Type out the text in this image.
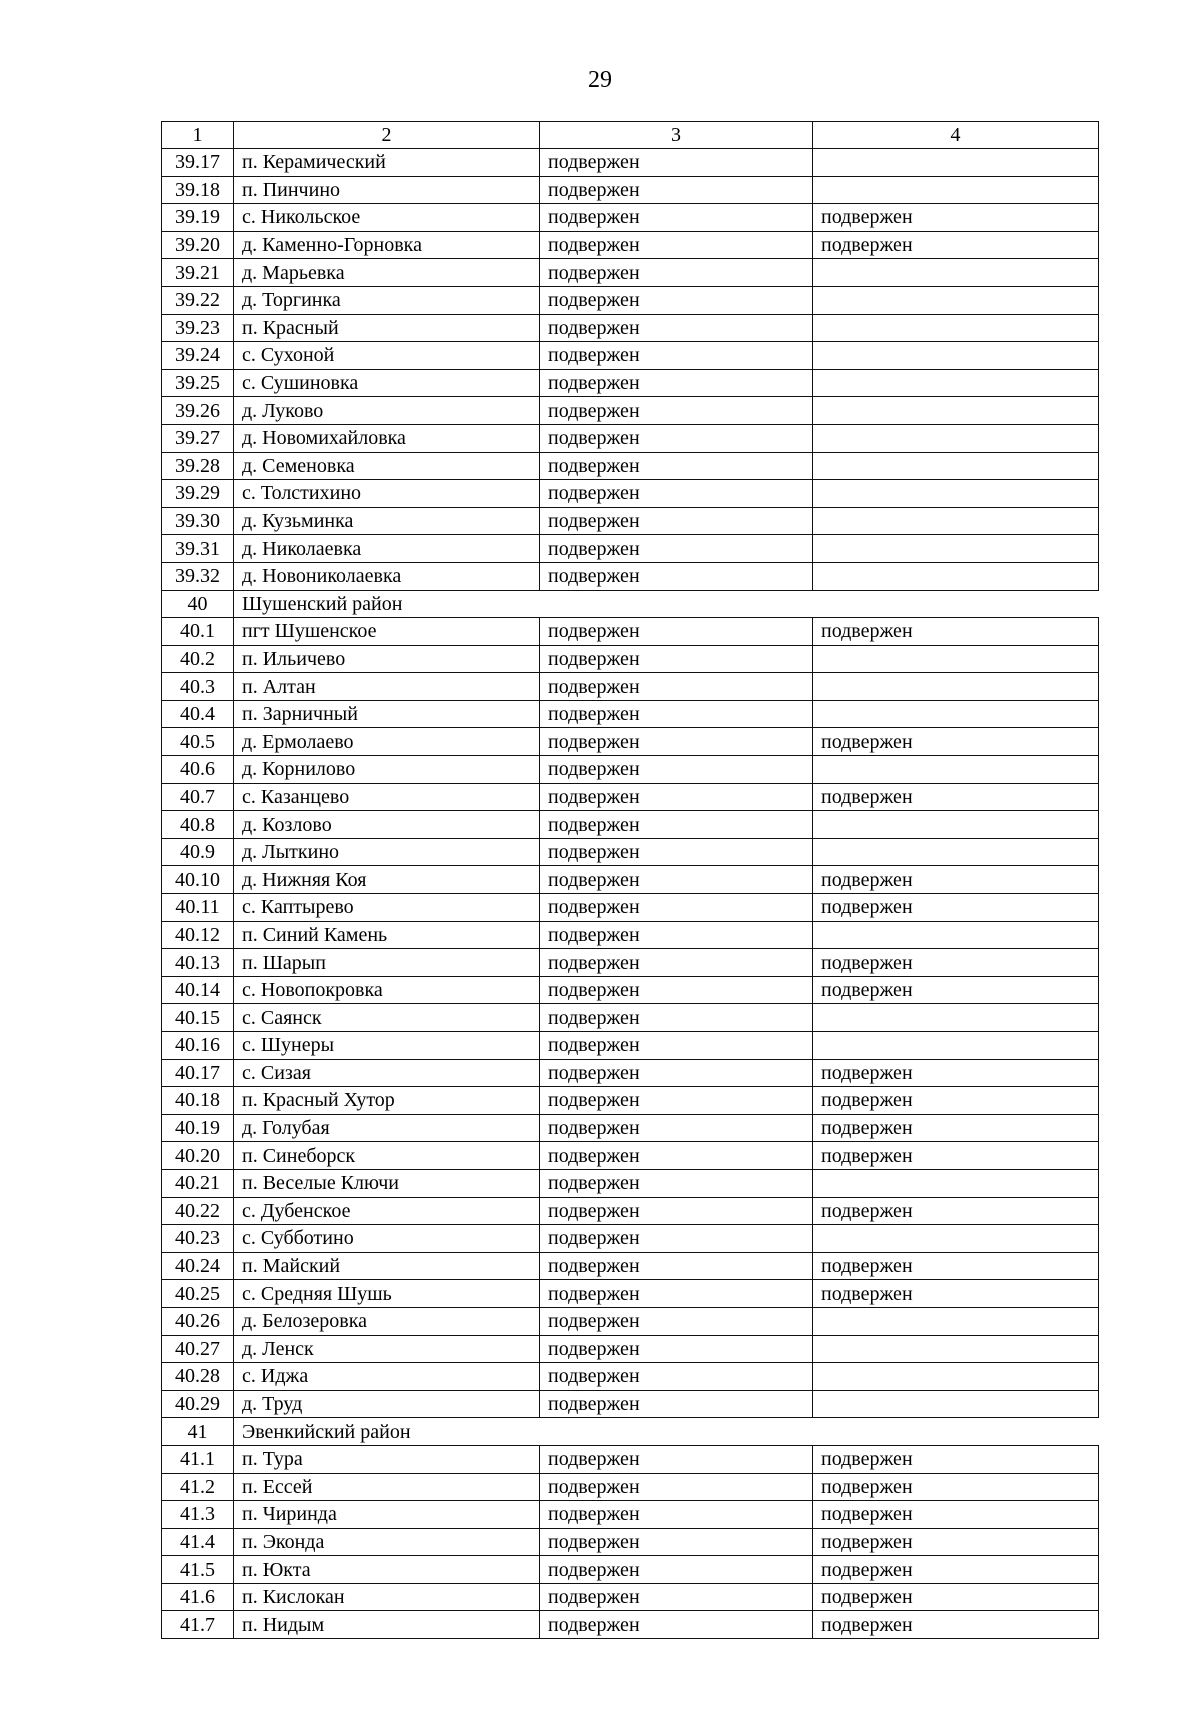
29
1	2	3	4
39.17	п. Керамический	подвержен	
39.18	п. Пинчино	подвержен	
39.19	с. Никольское	подвержен	подвержен
39.20	д. Каменно-Горновка	подвержен	подвержен
39.21	д. Марьевка	подвержен	
39.22	д. Торгинка	подвержен	
39.23	п. Красный	подвержен	
39.24	с. Сухоной	подвержен	
39.25	с. Сушиновка	подвержен	
39.26	д. Луково	подвержен	
39.27	д. Новомихайловка	подвержен	
39.28	д. Семеновка	подвержен	
39.29	с. Толстихино	подвержен	
39.30	д. Кузьминка	подвержен	
39.31	д. Николаевка	подвержен	
39.32	д. Новониколаевка	подвержен	
40	Шушенский район		
40.1	пгт Шушенское	подвержен	подвержен
40.2	п. Ильичево	подвержен	
40.3	п. Алтан	подвержен	
40.4	п. Зарничный	подвержен	
40.5	д. Ермолаево	подвержен	подвержен
40.6	д. Корнилово	подвержен	
40.7	с. Казанцево	подвержен	подвержен
40.8	д. Козлово	подвержен	
40.9	д. Лыткино	подвержен	
40.10	д. Нижняя Коя	подвержен	подвержен
40.11	с. Каптырево	подвержен	подвержен
40.12	п. Синий Камень	подвержен	
40.13	п. Шарып	подвержен	подвержен
40.14	с. Новопокровка	подвержен	подвержен
40.15	с. Саянск	подвержен	
40.16	с. Шунеры	подвержен	
40.17	с. Сизая	подвержен	подвержен
40.18	п. Красный Хутор	подвержен	подвержен
40.19	д. Голубая	подвержен	подвержен
40.20	п. Синеборск	подвержен	подвержен
40.21	п. Веселые Ключи	подвержен	
40.22	с. Дубенское	подвержен	подвержен
40.23	с. Субботино	подвержен	
40.24	п. Майский	подвержен	подвержен
40.25	с. Средняя Шушь	подвержен	подвержен
40.26	д. Белозеровка	подвержен	
40.27	д. Ленск	подвержен	
40.28	с. Иджа	подвержен	
40.29	д. Труд	подвержен	
41	Эвенкийский район		
41.1	п. Тура	подвержен	подвержен
41.2	п. Ессей	подвержен	подвержен
41.3	п. Чиринда	подвержен	подвержен
41.4	п. Эконда	подвержен	подвержен
41.5	п. Юкта	подвержен	подвержен
41.6	п. Кислокан	подвержен	подвержен
41.7	п. Нидым	подвержен	подвержен
